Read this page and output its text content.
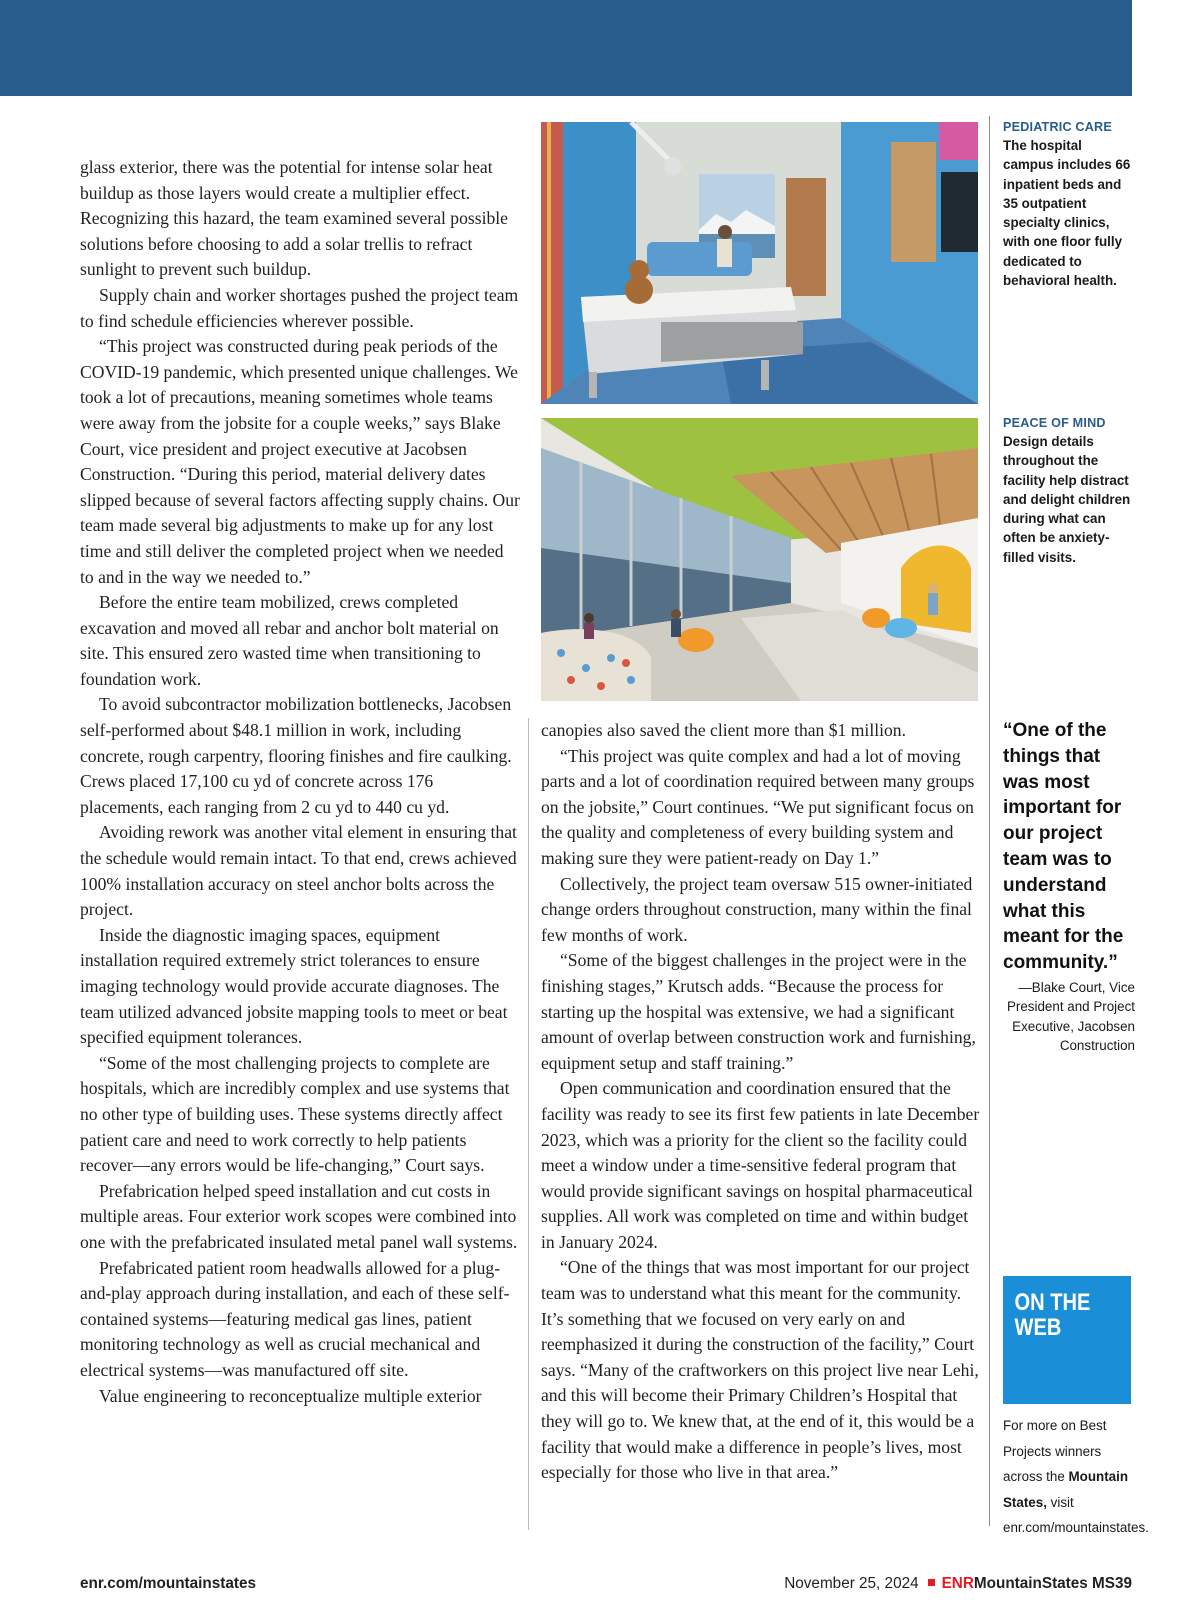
glass exterior, there was the potential for intense solar heat buildup as those layers would create a multiplier effect. Recognizing this hazard, the team examined several possible solutions before choosing to add a solar trellis to refract sunlight to prevent such buildup.

Supply chain and worker shortages pushed the project team to find schedule efficiencies wherever possible.

“This project was constructed during peak periods of the COVID-19 pandemic, which presented unique challenges. We took a lot of precautions, meaning sometimes whole teams were away from the jobsite for a couple weeks,” says Blake Court, vice president and project executive at Jacobsen Construction. “During this period, material delivery dates slipped because of several factors affecting supply chains. Our team made several big adjustments to make up for any lost time and still deliver the completed project when we needed to and in the way we needed to.”

Before the entire team mobilized, crews completed excavation and moved all rebar and anchor bolt material on site. This ensured zero wasted time when transitioning to foundation work.

To avoid subcontractor mobilization bottlenecks, Jacobsen self-performed about $48.1 million in work, including concrete, rough carpentry, flooring finishes and fire caulking. Crews placed 17,100 cu yd of concrete across 176 placements, each ranging from 2 cu yd to 440 cu yd.

Avoiding rework was another vital element in ensuring that the schedule would remain intact. To that end, crews achieved 100% installation accuracy on steel anchor bolts across the project.

Inside the diagnostic imaging spaces, equipment installation required extremely strict tolerances to ensure imaging technology would provide accurate diagnoses. The team utilized advanced jobsite mapping tools to meet or beat specified equipment tolerances.

“Some of the most challenging projects to complete are hospitals, which are incredibly complex and use systems that no other type of building uses. These systems directly affect patient care and need to work correctly to help patients recover—any errors would be life-changing,” Court says.

Prefabrication helped speed installation and cut costs in multiple areas. Four exterior work scopes were combined into one with the prefabricated insulated metal panel wall systems.

Prefabricated patient room headwalls allowed for a plug-and-play approach during installation, and each of these self-contained systems—featuring medical gas lines, patient monitoring technology as well as crucial mechanical and electrical systems—was manufactured off site.

Value engineering to reconceptualize multiple exterior

canopies also saved the client more than $1 million.

“This project was quite complex and had a lot of moving parts and a lot of coordination required between many groups on the jobsite,” Court continues. “We put significant focus on the quality and completeness of every building system and making sure they were patient-ready on Day 1.”

Collectively, the project team oversaw 515 owner-initiated change orders throughout construction, many within the final few months of work.

“Some of the biggest challenges in the project were in the finishing stages,” Krutsch adds. “Because the process for starting up the hospital was extensive, we had a significant amount of overlap between construction work and furnishing, equipment setup and staff training.”

Open communication and coordination ensured that the facility was ready to see its first few patients in late December 2023, which was a priority for the client so the facility could meet a window under a time-sensitive federal program that would provide significant savings on hospital pharmaceutical supplies. All work was completed on time and within budget in January 2024.

“One of the things that was most important for our project team was to understand what this meant for the community. It’s something that we focused on very early on and reemphasized it during the construction of the facility,” Court says. “Many of the craftworkers on this project live near Lehi, and this will become their Primary Children’s Hospital that they will go to. We knew that, at the end of it, this would be a facility that would make a difference in people’s lives, most especially for those who live in that area.”

PEDIATRIC CARE
The hospital campus includes 66 inpatient beds and 35 outpatient specialty clinics, with one floor fully dedicated to behavioral health.
PEACE OF MIND
Design details throughout the facility help distract and delight children during what can often be anxiety-filled visits.
“One of the things that was most important for our project team was to understand what this meant for the community.”
—Blake Court, Vice President and Project Executive, Jacobsen Construction
ON THE
WEB
For more on Best Projects winners across the Mountain States, visit enr.com/mountainstates.
enr.com/mountainstates	November 25, 2024 ENRMountainStates MS39
